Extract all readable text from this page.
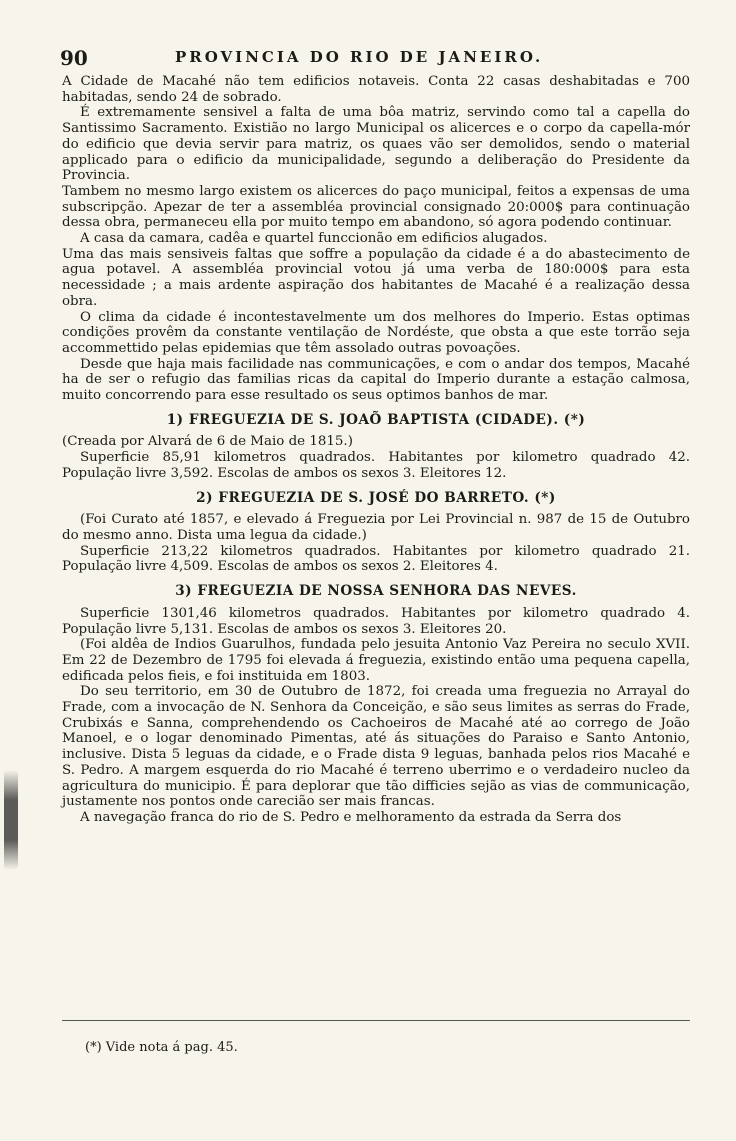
90	PROVINCIA DO RIO DE JANEIRO.

A Cidade de Macahé não tem edificios notaveis. Conta 22 casas deshabitadas e 700 habitadas, sendo 24 de sobrado.

É extremamente sensivel a falta de uma bôa matriz, servindo como tal a capella do Santissimo Sacramento. Existião no largo Municipal os alicerces e o corpo da capella-mór do edificio que devia servir para matriz, os quaes vão ser demolidos, sendo o material applicado para o edificio da municipalidade, segundo a deliberação do Presidente da Provincia.

Tambem no mesmo largo existem os alicerces do paço municipal, feitos a expensas de uma subscripção. Apezar de ter a assembléa provincial consignado 20:000$ para continuação dessa obra, permaneceu ella por muito tempo em abandono, só agora podendo continuar.

A casa da camara, cadêa e quartel funccionão em edificios alugados.

Uma das mais sensiveis faltas que soffre a população da cidade é a do abastecimento de agua potavel. A assembléa provincial votou já uma verba de 180:000$ para esta necessidade ; a mais ardente aspiração dos habitantes de Macahé é a realização dessa obra.

O clima da cidade é incontestavelmente um dos melhores do Imperio. Estas optimas condições provêm da constante ventilação de Nordéste, que obsta a que este torrão seja accommettido pelas epidemias que têm assolado outras povoações.

Desde que haja mais facilidade nas communicações, e com o andar dos tempos, Macahé ha de ser o refugio das familias ricas da capital do Imperio durante a estação calmosa, muito concorrendo para esse resultado os seus optimos banhos de mar.

1) FREGUEZIA DE S. JOAÕ BAPTISTA (CIDADE). (*)

(Creada por Alvará de 6 de Maio de 1815.)

Superficie 85,91 kilometros quadrados. Habitantes por kilometro quadrado 42. População livre 3,592. Escolas de ambos os sexos 3. Eleitores 12.

2) FREGUEZIA DE S. JOSÉ DO BARRETO. (*)

(Foi Curato até 1857, e elevado á Freguezia por Lei Provincial n. 987 de 15 de Outubro do mesmo anno. Dista uma legua da cidade.)

Superficie 213,22 kilometros quadrados. Habitantes por kilometro quadrado 21. População livre 4,509. Escolas de ambos os sexos 2. Eleitores 4.

3) FREGUEZIA DE NOSSA SENHORA DAS NEVES.

Superficie 1301,46 kilometros quadrados. Habitantes por kilometro quadrado 4. População livre 5,131. Escolas de ambos os sexos 3. Eleitores 20.

(Foi aldêa de Indios Guarulhos, fundada pelo jesuita Antonio Vaz Pereira no seculo XVII. Em 22 de Dezembro de 1795 foi elevada á freguezia, existindo então uma pequena capella, edificada pelos fieis, e foi instituida em 1803.

Do seu territorio, em 30 de Outubro de 1872, foi creada uma freguezia no Arrayal do Frade, com a invocação de N. Senhora da Conceição, e são seus limites as serras do Frade, Crubixás e Sanna, comprehendendo os Cachoeiros de Macahé até ao corrego de João Manoel, e o logar denominado Pimentas, até ás situações do Paraiso e Santo Antonio, inclusive. Dista 5 leguas da cidade, e o Frade dista 9 leguas, banhada pelos rios Macahé e S. Pedro. A margem esquerda do rio Macahé é terreno uberrimo e o verdadeiro nucleo da agricultura do municipio. É para deplorar que tão difficies sejão as vias de communicação, justamente nos pontos onde carecião ser mais francas.

A navegação franca do rio de S. Pedro e melhoramento da estrada da Serra dos

(*) Vide nota á pag. 45.
